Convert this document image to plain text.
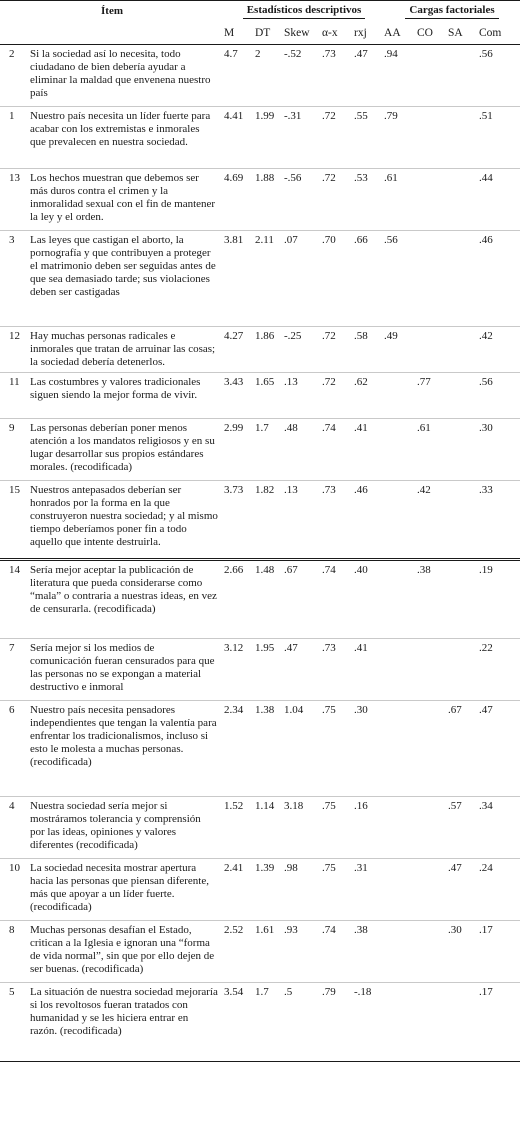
Ítem		Estadísticos descriptivos					Cargas factoriales			
		M	DT	Skew	α-x	rxj	AA	CO	SA	Com
2	Si la sociedad así lo necesita, todo ciudadano de bien debería ayudar a eliminar la maldad que envenena nuestro país	4.7	2	-.52	.73	.47	.94			.56
1	Nuestro país necesita un líder fuerte para acabar con los extremistas e inmorales que prevalecen en nuestra sociedad.	4.41	1.99	-.31	.72	.55	.79			.51
13	Los hechos muestran que debemos ser más duros contra el crimen y la inmoralidad sexual con el fin de mantener la ley y el orden.	4.69	1.88	-.56	.72	.53	.61			.44
3	Las leyes que castigan el aborto, la pornografía y que contribuyen a proteger el matrimonio deben ser seguidas antes de que sea demasiado tarde; sus violaciones deben ser castigadas	3.81	2.11	.07	.70	.66	.56			.46
12	Hay muchas personas radicales e inmorales que tratan de arruinar las cosas; la sociedad debería detenerlos.	4.27	1.86	-.25	.72	.58	.49			.42
11	Las costumbres y valores tradicionales siguen siendo la mejor forma de vivir.	3.43	1.65	.13	.72	.62		.77		.56
9	Las personas deberían poner menos atención a los mandatos religiosos y en su lugar desarrollar sus propios estándares morales. (recodificada)	2.99	1.7	.48	.74	.41		.61		.30
15	Nuestros antepasados deberían ser honrados por la forma en la que construyeron nuestra sociedad; y al mismo tiempo deberíamos poner fin a todo aquello que intente destruirla.	3.73	1.82	.13	.73	.46		.42		.33
14	Sería mejor aceptar la publicación de literatura que pueda considerarse como “mala” o contraria a nuestras ideas, en vez de censurarla. (recodificada)	2.66	1.48	.67	.74	.40		.38		.19
7	Sería mejor si los medios de comunicación fueran censurados para que las personas no se expongan a material destructivo e inmoral	3.12	1.95	.47	.73	.41				.22
6	Nuestro país necesita pensadores independientes que tengan la valentía para enfrentar los tradicionalismos, incluso si esto le molesta a muchas personas. (recodificada)	2.34	1.38	1.04	.75	.30			.67	.47
4	Nuestra sociedad sería mejor si mostráramos tolerancia y comprensión por las ideas, opiniones y valores diferentes (recodificada)	1.52	1.14	3.18	.75	.16			.57	.34
10	La sociedad necesita mostrar apertura hacia las personas que piensan diferente, más que apoyar a un líder fuerte. (recodificada)	2.41	1.39	.98	.75	.31			.47	.24
8	Muchas personas desafían el Estado, critican a la Iglesia e ignoran una “forma de vida normal”, sin que por ello dejen de ser buenas. (recodificada)	2.52	1.61	.93	.74	.38			.30	.17
5	La situación de nuestra sociedad mejoraría si los revoltosos fueran tratados con humanidad y se les hiciera entrar en razón. (recodificada)	3.54	1.7	.5	.79	-.18				.17
